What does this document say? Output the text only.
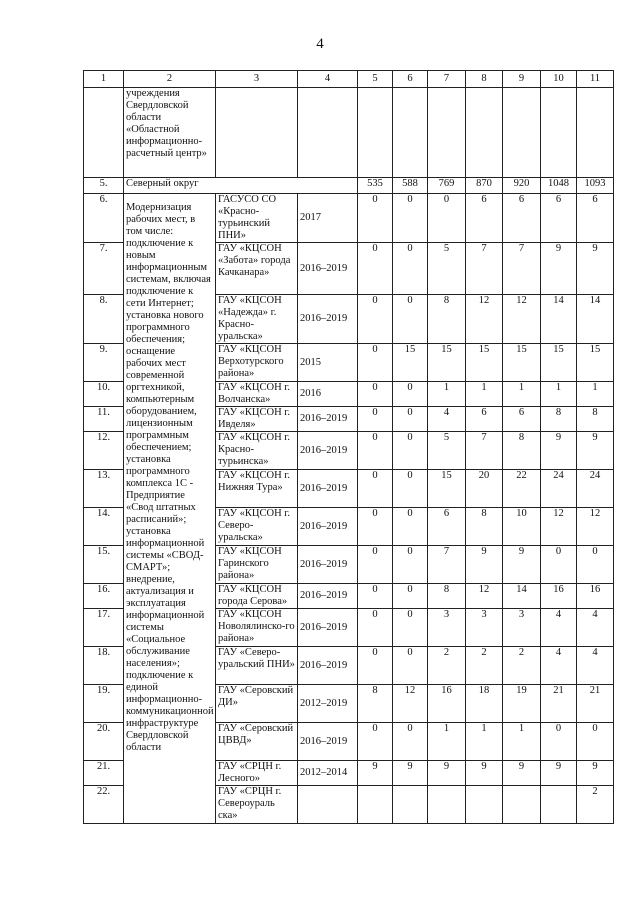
4
1	2	3	4	5	6	7	8	9	10	11
	учреждения Свердловской области «Областной информационно-расчетный центр»									
5.	Северный округ			535	588	769	870	920	1048	1093
6.	Модернизация рабочих мест, в том числе: подключение к новым информационным системам, включая подключение к сети Интернет; установка нового программного обеспечения; оснащение рабочих мест современной оргтехникой, компьютерным оборудованием, лицензионным программным обеспечением; установка программного комплекса 1С - Предприятие «Свод штатных расписаний»; установка информационной системы «СВОД-СМАРТ»; внедрение, актуализация и эксплуатация информационной системы «Социальное обслуживание населения»; подключение к единой информационно-коммуникационной инфраструктуре Свердловской области	ГАСУСО СО «Красно-турьинский ПНИ»	2017	0	0	0	6	6	6	6
7.		ГАУ «КЦСОН «Забота» города Качканара»	2016–2019	0	0	5	7	7	9	9
8.		ГАУ «КЦСОН «Надежда» г. Красно-уральска»	2016–2019	0	0	8	12	12	14	14
9.		ГАУ «КЦСОН Верхотурского района»	2015	0	15	15	15	15	15	15
10.		ГАУ «КЦСОН г. Волчанска»	2016	0	0	1	1	1	1	1
11.		ГАУ «КЦСОН г. Ивделя»	2016–2019	0	0	4	6	6	8	8
12.		ГАУ «КЦСОН г. Красно-турьинска»	2016–2019	0	0	5	7	8	9	9
13.		ГАУ «КЦСОН г. Нижняя Тура»	2016–2019	0	0	15	20	22	24	24
14.		ГАУ «КЦСОН г. Северо-уральска»	2016–2019	0	0	6	8	10	12	12
15.		ГАУ «КЦСОН Гаринского района»	2016–2019	0	0	7	9	9	0	0
16.		ГАУ «КЦСОН города Серова»	2016–2019	0	0	8	12	14	16	16
17.		ГАУ «КЦСОН Новолялинско-го района»	2016–2019	0	0	3	3	3	4	4
18.		ГАУ «Северо-уральский ПНИ»	2016–2019	0	0	2	2	2	4	4
19.		ГАУ «Серовский ДИ»	2012–2019	8	12	16	18	19	21	21
20.		ГАУ «Серовский ЦВВД»	2016–2019	0	0	1	1	1	0	0
21.		ГАУ «СРЦН г. Лесного»	2012–2014	9	9	9	9	9	9	9
22.		ГАУ «СРЦН г. Североураль ска»								2
